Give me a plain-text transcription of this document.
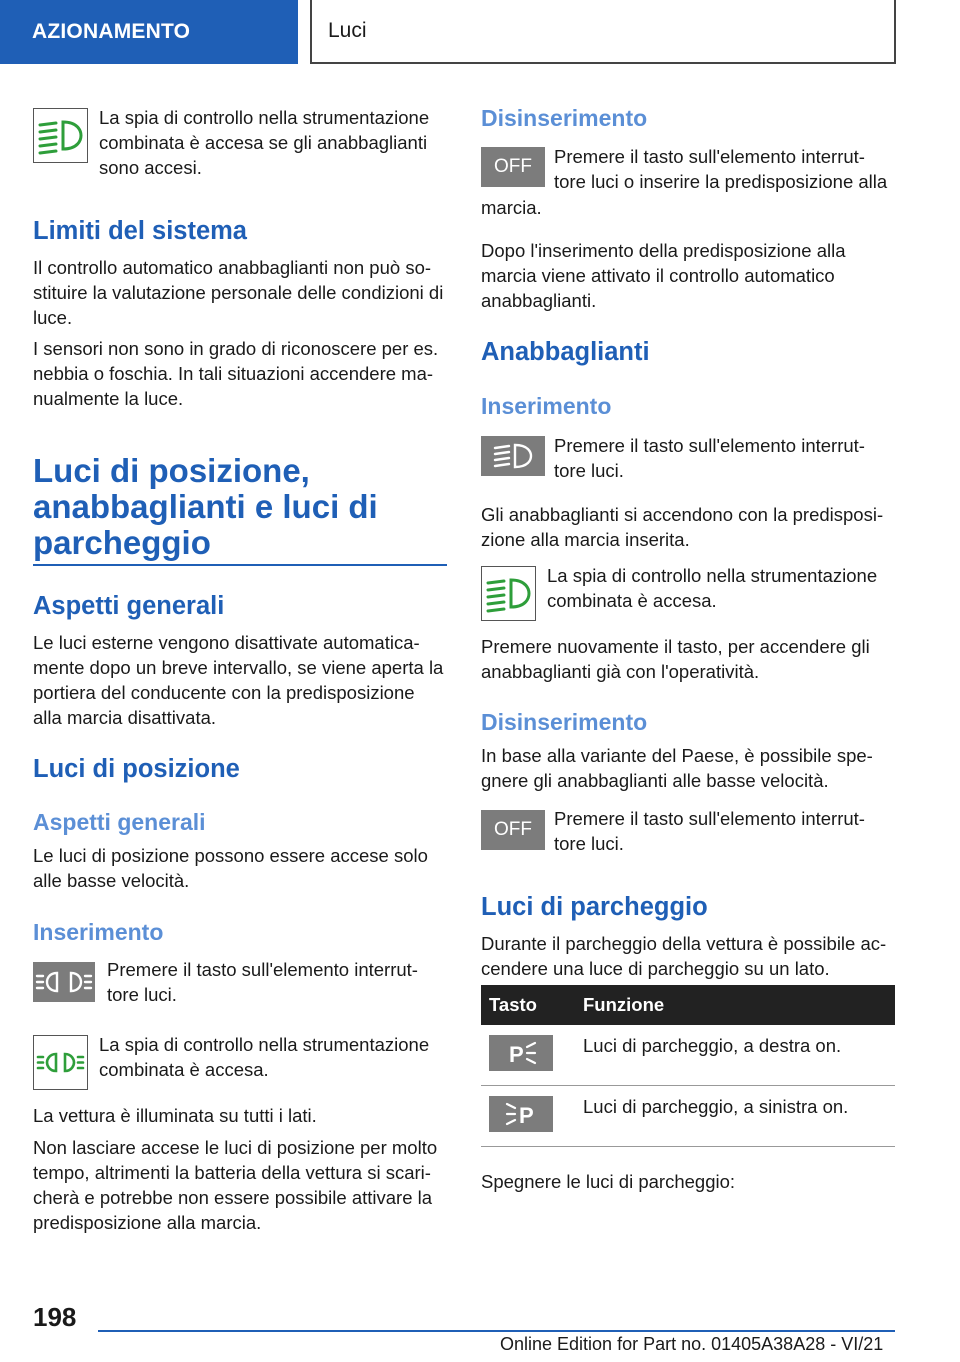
AZIONAMENTO	Luci
La spia di controllo nella strumentazione combinata è accesa se gli anabbaglianti sono accesi.
Limiti del sistema
Il controllo automatico anabbaglianti non può so-stituire la valutazione personale delle condizioni di luce.
I sensori non sono in grado di riconoscere per es. nebbia o foschia. In tali situazioni accendere ma-nualmente la luce.
Luci di posizione,
anabbaglianti e luci di
parcheggio
Aspetti generali
Le luci esterne vengono disattivate automatica-mente dopo un breve intervallo, se viene aperta la portiera del conducente con la predisposizione alla marcia disattivata.
Luci di posizione
Aspetti generali
Le luci di posizione possono essere accese solo alle basse velocità.
Inserimento
Premere il tasto sull'elemento interrut-tore luci.
La spia di controllo nella strumentazione combinata è accesa.
La vettura è illuminata su tutti i lati.
Non lasciare accese le luci di posizione per molto tempo, altrimenti la batteria della vettura si scari-cherà e potrebbe non essere possibile attivare la predisposizione alla marcia.
Disinserimento
OFF Premere il tasto sull'elemento interrut-
tore luci o inserire la predisposizione alla
marcia.
Dopo l'inserimento della predisposizione alla marcia viene attivato il controllo automatico anabbaglianti.
Anabbaglianti
Inserimento
Premere il tasto sull'elemento interrut-tore luci.
Gli anabbaglianti si accendono con la predisposi-zione alla marcia inserita.
La spia di controllo nella strumentazione combinata è accesa.
Premere nuovamente il tasto, per accendere gli anabbaglianti già con l'operatività.
Disinserimento
In base alla variante del Paese, è possibile spe-gnere gli anabbaglianti alle basse velocità.
OFF
Premere il tasto sull'elemento interrut-tore luci.
Luci di parcheggio
Durante il parcheggio della vettura è possibile ac-cendere una luce di parcheggio su un lato.
Tasto	Funzione

P	Luci di parcheggio, a destra on.

P	Luci di parcheggio, a sinistra on.
Spegnere le luci di parcheggio:
198
Online Edition for Part no. 01405A38A28 - VI/21
